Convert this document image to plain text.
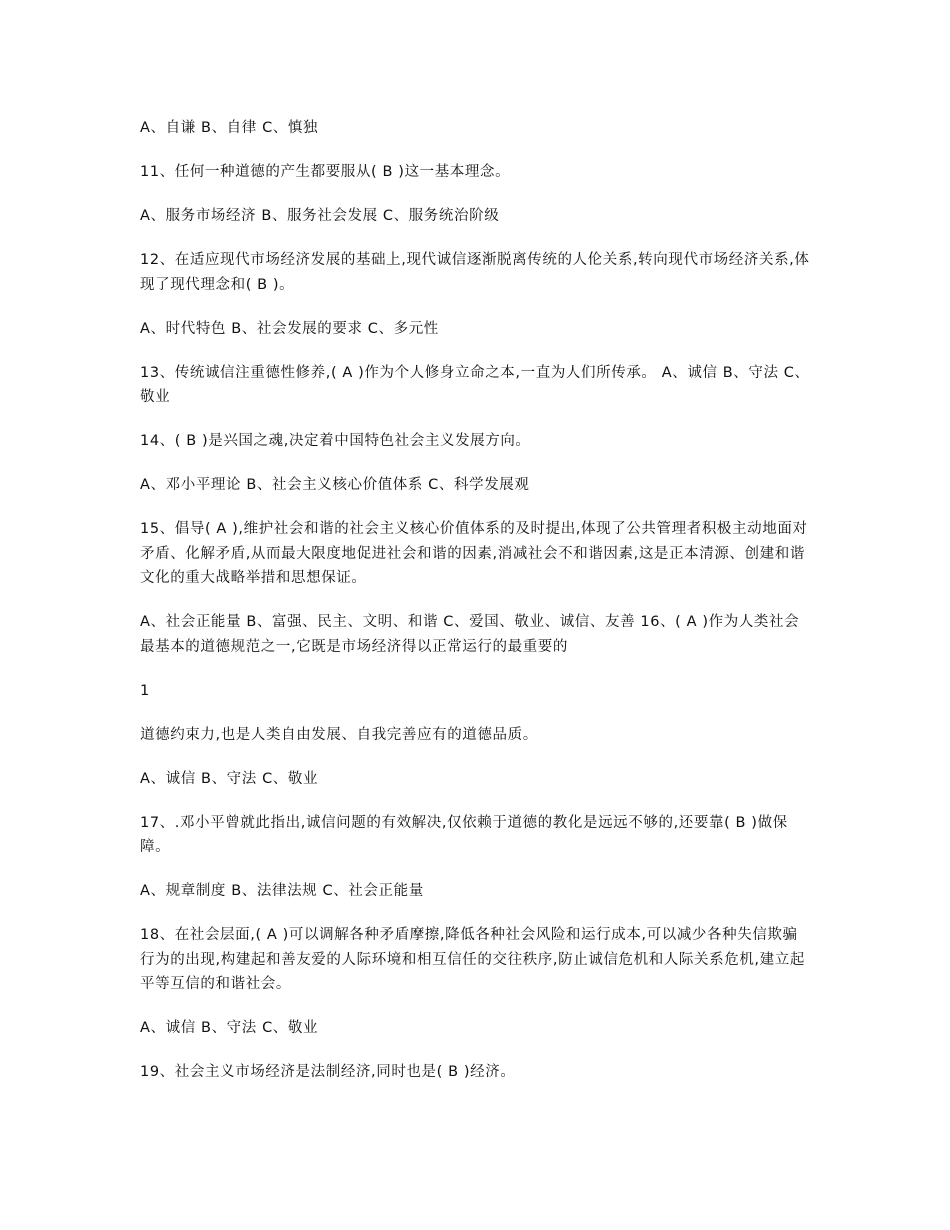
A、自谦 B、自律 C、慎独

11、任何一种道德的产生都要服从( B )这一基本理念。

A、服务市场经济 B、服务社会发展 C、服务统治阶级

12、在适应现代市场经济发展的基础上,现代诚信逐渐脱离传统的人伦关系,转向现代市场经济关系,体现了现代理念和( B )。

A、时代特色 B、社会发展的要求 C、多元性

13、传统诚信注重德性修养,( A )作为个人修身立命之本,一直为人们所传承。 A、诚信 B、守法 C、敬业

14、( B )是兴国之魂,决定着中国特色社会主义发展方向。

A、邓小平理论 B、社会主义核心价值体系 C、科学发展观

15、倡导( A ),维护社会和谐的社会主义核心价值体系的及时提出,体现了公共管理者积极主动地面对矛盾、化解矛盾,从而最大限度地促进社会和谐的因素,消减社会不和谐因素,这是正本清源、创建和谐文化的重大战略举措和思想保证。

A、社会正能量 B、富强、民主、文明、和谐 C、爱国、敬业、诚信、友善 16、( A )作为人类社会最基本的道德规范之一,它既是市场经济得以正常运行的最重要的

1

道德约束力,也是人类自由发展、自我完善应有的道德品质。

A、诚信 B、守法 C、敬业

17、.邓小平曾就此指出,诚信问题的有效解决,仅依赖于道德的教化是远远不够的,还要靠( B )做保障。

A、规章制度 B、法律法规 C、社会正能量

18、在社会层面,( A )可以调解各种矛盾摩擦,降低各种社会风险和运行成本,可以减少各种失信欺骗行为的出现,构建起和善友爱的人际环境和相互信任的交往秩序,防止诚信危机和人际关系危机,建立起平等互信的和谐社会。

A、诚信 B、守法 C、敬业

19、社会主义市场经济是法制经济,同时也是( B )经济。
